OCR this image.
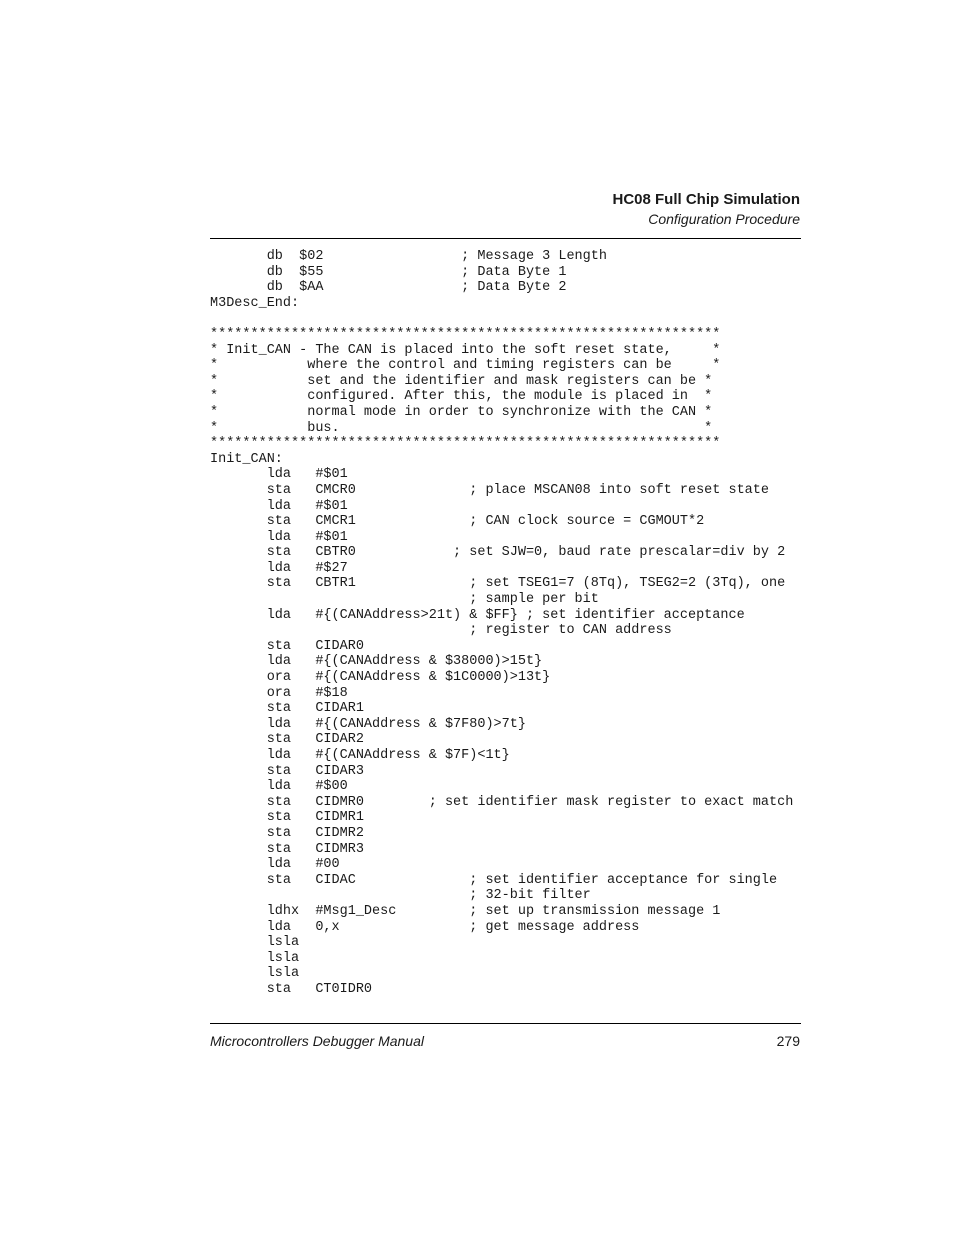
HC08 Full Chip Simulation
Configuration Procedure
db  $02                 ; Message 3 Length
db  $55                 ; Data Byte 1
db  $AA                 ; Data Byte 2
M3Desc_End:
***************************************************************
* Init_CAN - The CAN is placed into the soft reset state,     *
*           where the control and timing registers can be     *
*           set and the identifier and mask registers can be *
*           configured. After this, the module is placed in  *
*           normal mode in order to synchronize with the CAN *
*           bus.                                             *
***************************************************************
Init_CAN:
lda   #$01
sta   CMCR0              ; place MSCAN08 into soft reset state
lda   #$01
sta   CMCR1              ; CAN clock source = CGMOUT*2
lda   #$01
sta   CBTR0            ; set SJW=0, baud rate prescalar=div by 2
lda   #$27
sta   CBTR1              ; set TSEG1=7 (8Tq), TSEG2=2 (3Tq), one
; sample per bit
lda   #{(CANAddress>21t) & $FF} ; set identifier acceptance
; register to CAN address
sta   CIDAR0
lda   #{(CANAddress & $38000)>15t}
ora   #{(CANAddress & $1C0000)>13t}
ora   #$18
sta   CIDAR1
lda   #{(CANAddress & $7F80)>7t}
sta   CIDAR2
lda   #{(CANAddress & $7F)<1t}
sta   CIDAR3
lda   #$00
sta   CIDMR0        ; set identifier mask register to exact match
sta   CIDMR1
sta   CIDMR2
sta   CIDMR3
lda   #00
sta   CIDAC              ; set identifier acceptance for single
; 32-bit filter
ldhx  #Msg1_Desc         ; set up transmission message 1
lda   0,x                ; get message address
lsla
lsla
lsla
sta   CT0IDR0
Microcontrollers Debugger Manual	279
